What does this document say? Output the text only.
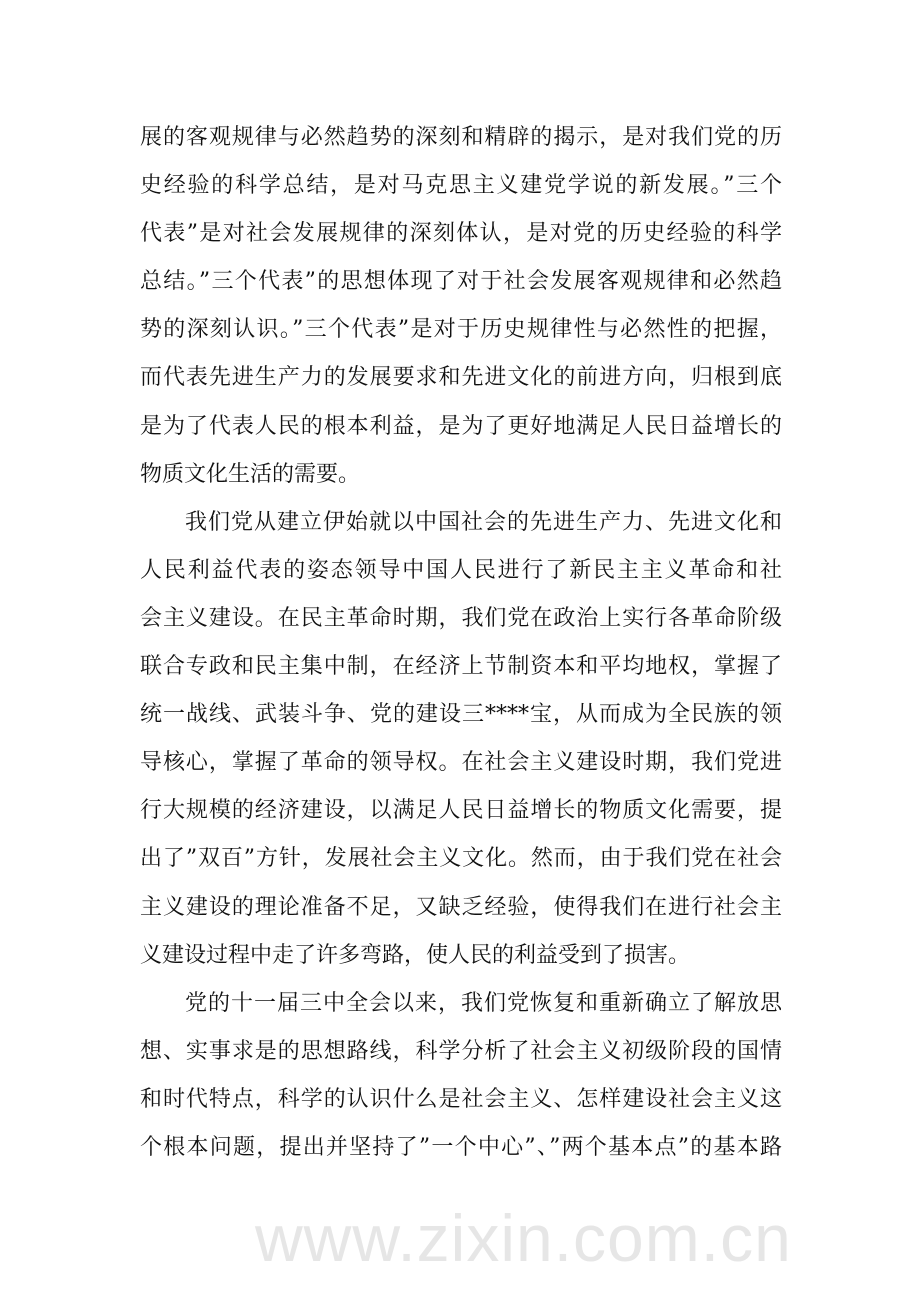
www.zixin.com.cn
展的客观规律与必然趋势的深刻和精辟的揭示，是对我们党的历
史经验的科学总结，是对马克思主义建党学说的新发展。”三个
代表”是对社会发展规律的深刻体认，是对党的历史经验的科学
总结。”三个代表”的思想体现了对于社会发展客观规律和必然趋
势的深刻认识。”三个代表”是对于历史规律性与必然性的把握，
而代表先进生产力的发展要求和先进文化的前进方向，归根到底
是为了代表人民的根本利益，是为了更好地满足人民日益增长的
物质文化生活的需要。
我们党从建立伊始就以中国社会的先进生产力、先进文化和
人民利益代表的姿态领导中国人民进行了新民主主义革命和社
会主义建设。在民主革命时期，我们党在政治上实行各革命阶级
联合专政和民主集中制，在经济上节制资本和平均地权，掌握了
统一战线、武装斗争、党的建设三****宝，从而成为全民族的领
导核心，掌握了革命的领导权。在社会主义建设时期，我们党进
行大规模的经济建设，以满足人民日益增长的物质文化需要，提
出了”双百”方针，发展社会主义文化。然而，由于我们党在社会
主义建设的理论准备不足，又缺乏经验，使得我们在进行社会主
义建设过程中走了许多弯路，使人民的利益受到了损害。
党的十一届三中全会以来，我们党恢复和重新确立了解放思
想、实事求是的思想路线，科学分析了社会主义初级阶段的国情
和时代特点，科学的认识什么是社会主义、怎样建设社会主义这
个根本问题，提出并坚持了”一个中心”、”两个基本点”的基本路
